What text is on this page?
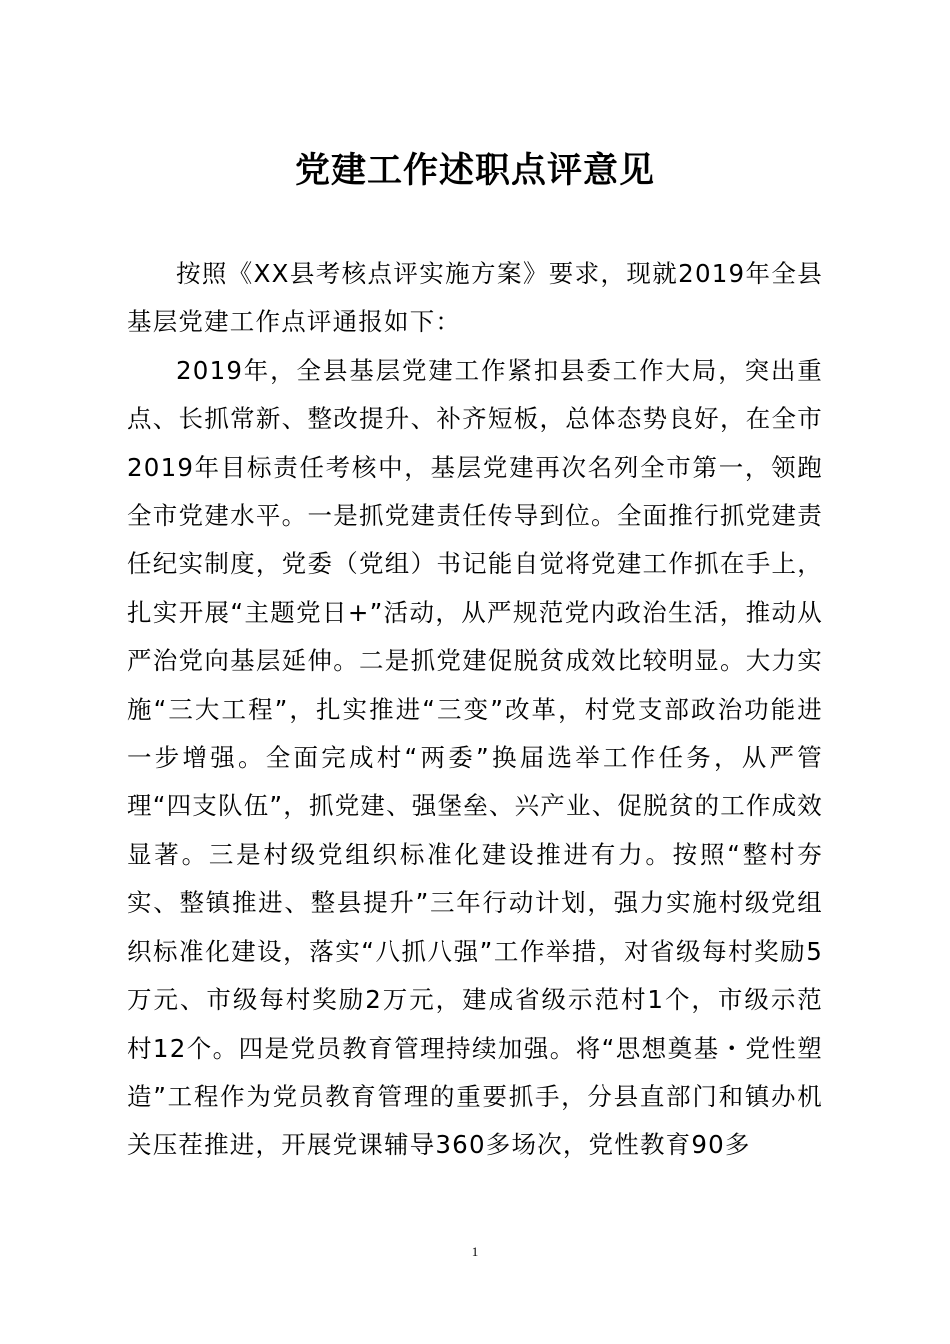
党建工作述职点评意见

按照《XX县考核点评实施方案》要求，现就2019年全县基层党建工作点评通报如下：

2019年，全县基层党建工作紧扣县委工作大局，突出重点、长抓常新、整改提升、补齐短板，总体态势良好，在全市2019年目标责任考核中，基层党建再次名列全市第一，领跑全市党建水平。一是抓党建责任传导到位。全面推行抓党建责任纪实制度，党委（党组）书记能自觉将党建工作抓在手上，扎实开展“主题党日+”活动，从严规范党内政治生活，推动从严治党向基层延伸。二是抓党建促脱贫成效比较明显。大力实施“三大工程”，扎实推进“三变”改革，村党支部政治功能进一步增强。全面完成村“两委”换届选举工作任务，从严管理“四支队伍”，抓党建、强堡垒、兴产业、促脱贫的工作成效显著。三是村级党组织标准化建设推进有力。按照“整村夯实、整镇推进、整县提升”三年行动计划，强力实施村级党组织标准化建设，落实“八抓八强”工作举措，对省级每村奖励5万元、市级每村奖励2万元，建成省级示范村1个，市级示范村12个。四是党员教育管理持续加强。将“思想奠基・党性塑造”工程作为党员教育管理的重要抓手，分县直部门和镇办机关压茬推进，开展党课辅导360多场次，党性教育90多

1
